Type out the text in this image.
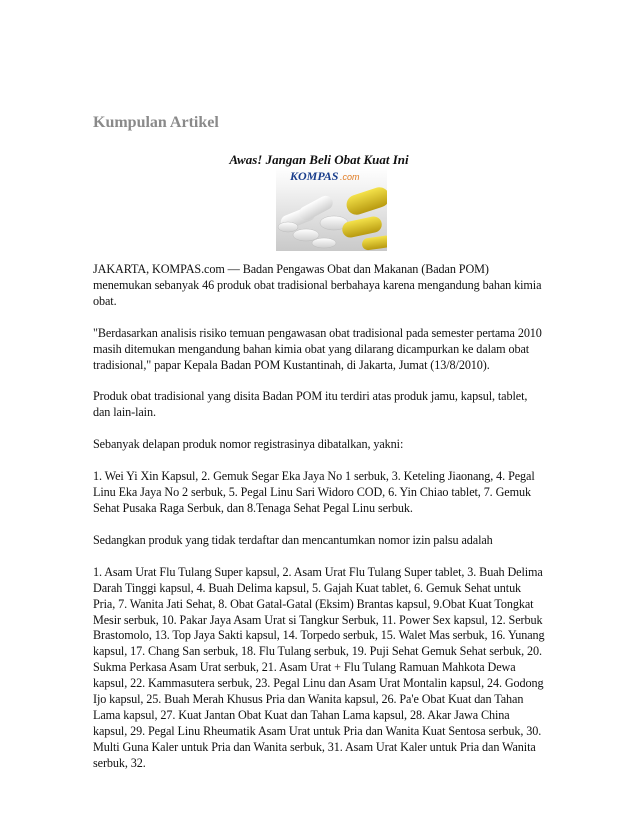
Kumpulan Artikel
Awas! Jangan Beli Obat Kuat Ini
KOMPAS .com

JAKARTA, KOMPAS.com — Badan Pengawas Obat dan Makanan (Badan POM) menemukan sebanyak 46 produk obat tradisional berbahaya karena mengandung bahan kimia obat.

"Berdasarkan analisis risiko temuan pengawasan obat tradisional pada semester pertama 2010 masih ditemukan mengandung bahan kimia obat yang dilarang dicampurkan ke dalam obat tradisional," papar Kepala Badan POM Kustantinah, di Jakarta, Jumat (13/8/2010).

Produk obat tradisional yang disita Badan POM itu terdiri atas produk jamu, kapsul, tablet, dan lain-lain.

Sebanyak delapan produk nomor registrasinya dibatalkan, yakni:

1. Wei Yi Xin Kapsul, 2. Gemuk Segar Eka Jaya No 1 serbuk, 3. Keteling Jiaonang, 4. Pegal Linu Eka Jaya No 2 serbuk, 5. Pegal Linu Sari Widoro COD, 6. Yin Chiao tablet, 7. Gemuk Sehat Pusaka Raga Serbuk, dan 8.Tenaga Sehat Pegal Linu serbuk.

Sedangkan produk yang tidak terdaftar dan mencantumkan nomor izin palsu adalah

1. Asam Urat Flu Tulang Super kapsul, 2. Asam Urat Flu Tulang Super tablet, 3. Buah Delima Darah Tinggi kapsul, 4. Buah Delima kapsul, 5. Gajah Kuat tablet, 6. Gemuk Sehat untuk Pria, 7. Wanita Jati Sehat, 8. Obat Gatal-Gatal (Eksim) Brantas kapsul, 9.Obat Kuat Tongkat Mesir serbuk, 10. Pakar Jaya Asam Urat si Tangkur Serbuk, 11. Power Sex kapsul, 12. Serbuk Brastomolo, 13. Top Jaya Sakti kapsul, 14. Torpedo serbuk, 15. Walet Mas serbuk, 16. Yunang kapsul, 17. Chang San serbuk, 18. Flu Tulang serbuk, 19. Puji Sehat Gemuk Sehat serbuk, 20. Sukma Perkasa Asam Urat serbuk, 21. Asam Urat + Flu Tulang Ramuan Mahkota Dewa kapsul, 22. Kammasutera serbuk, 23. Pegal Linu dan Asam Urat Montalin kapsul, 24. Godong Ijo kapsul, 25. Buah Merah Khusus Pria dan Wanita kapsul, 26. Pa'e Obat Kuat dan Tahan Lama kapsul, 27. Kuat Jantan Obat Kuat dan Tahan Lama kapsul, 28. Akar Jawa China kapsul, 29. Pegal Linu Rheumatik Asam Urat untuk Pria dan Wanita Kuat Sentosa serbuk, 30. Multi Guna Kaler untuk Pria dan Wanita serbuk, 31. Asam Urat Kaler untuk Pria dan Wanita serbuk, 32.
